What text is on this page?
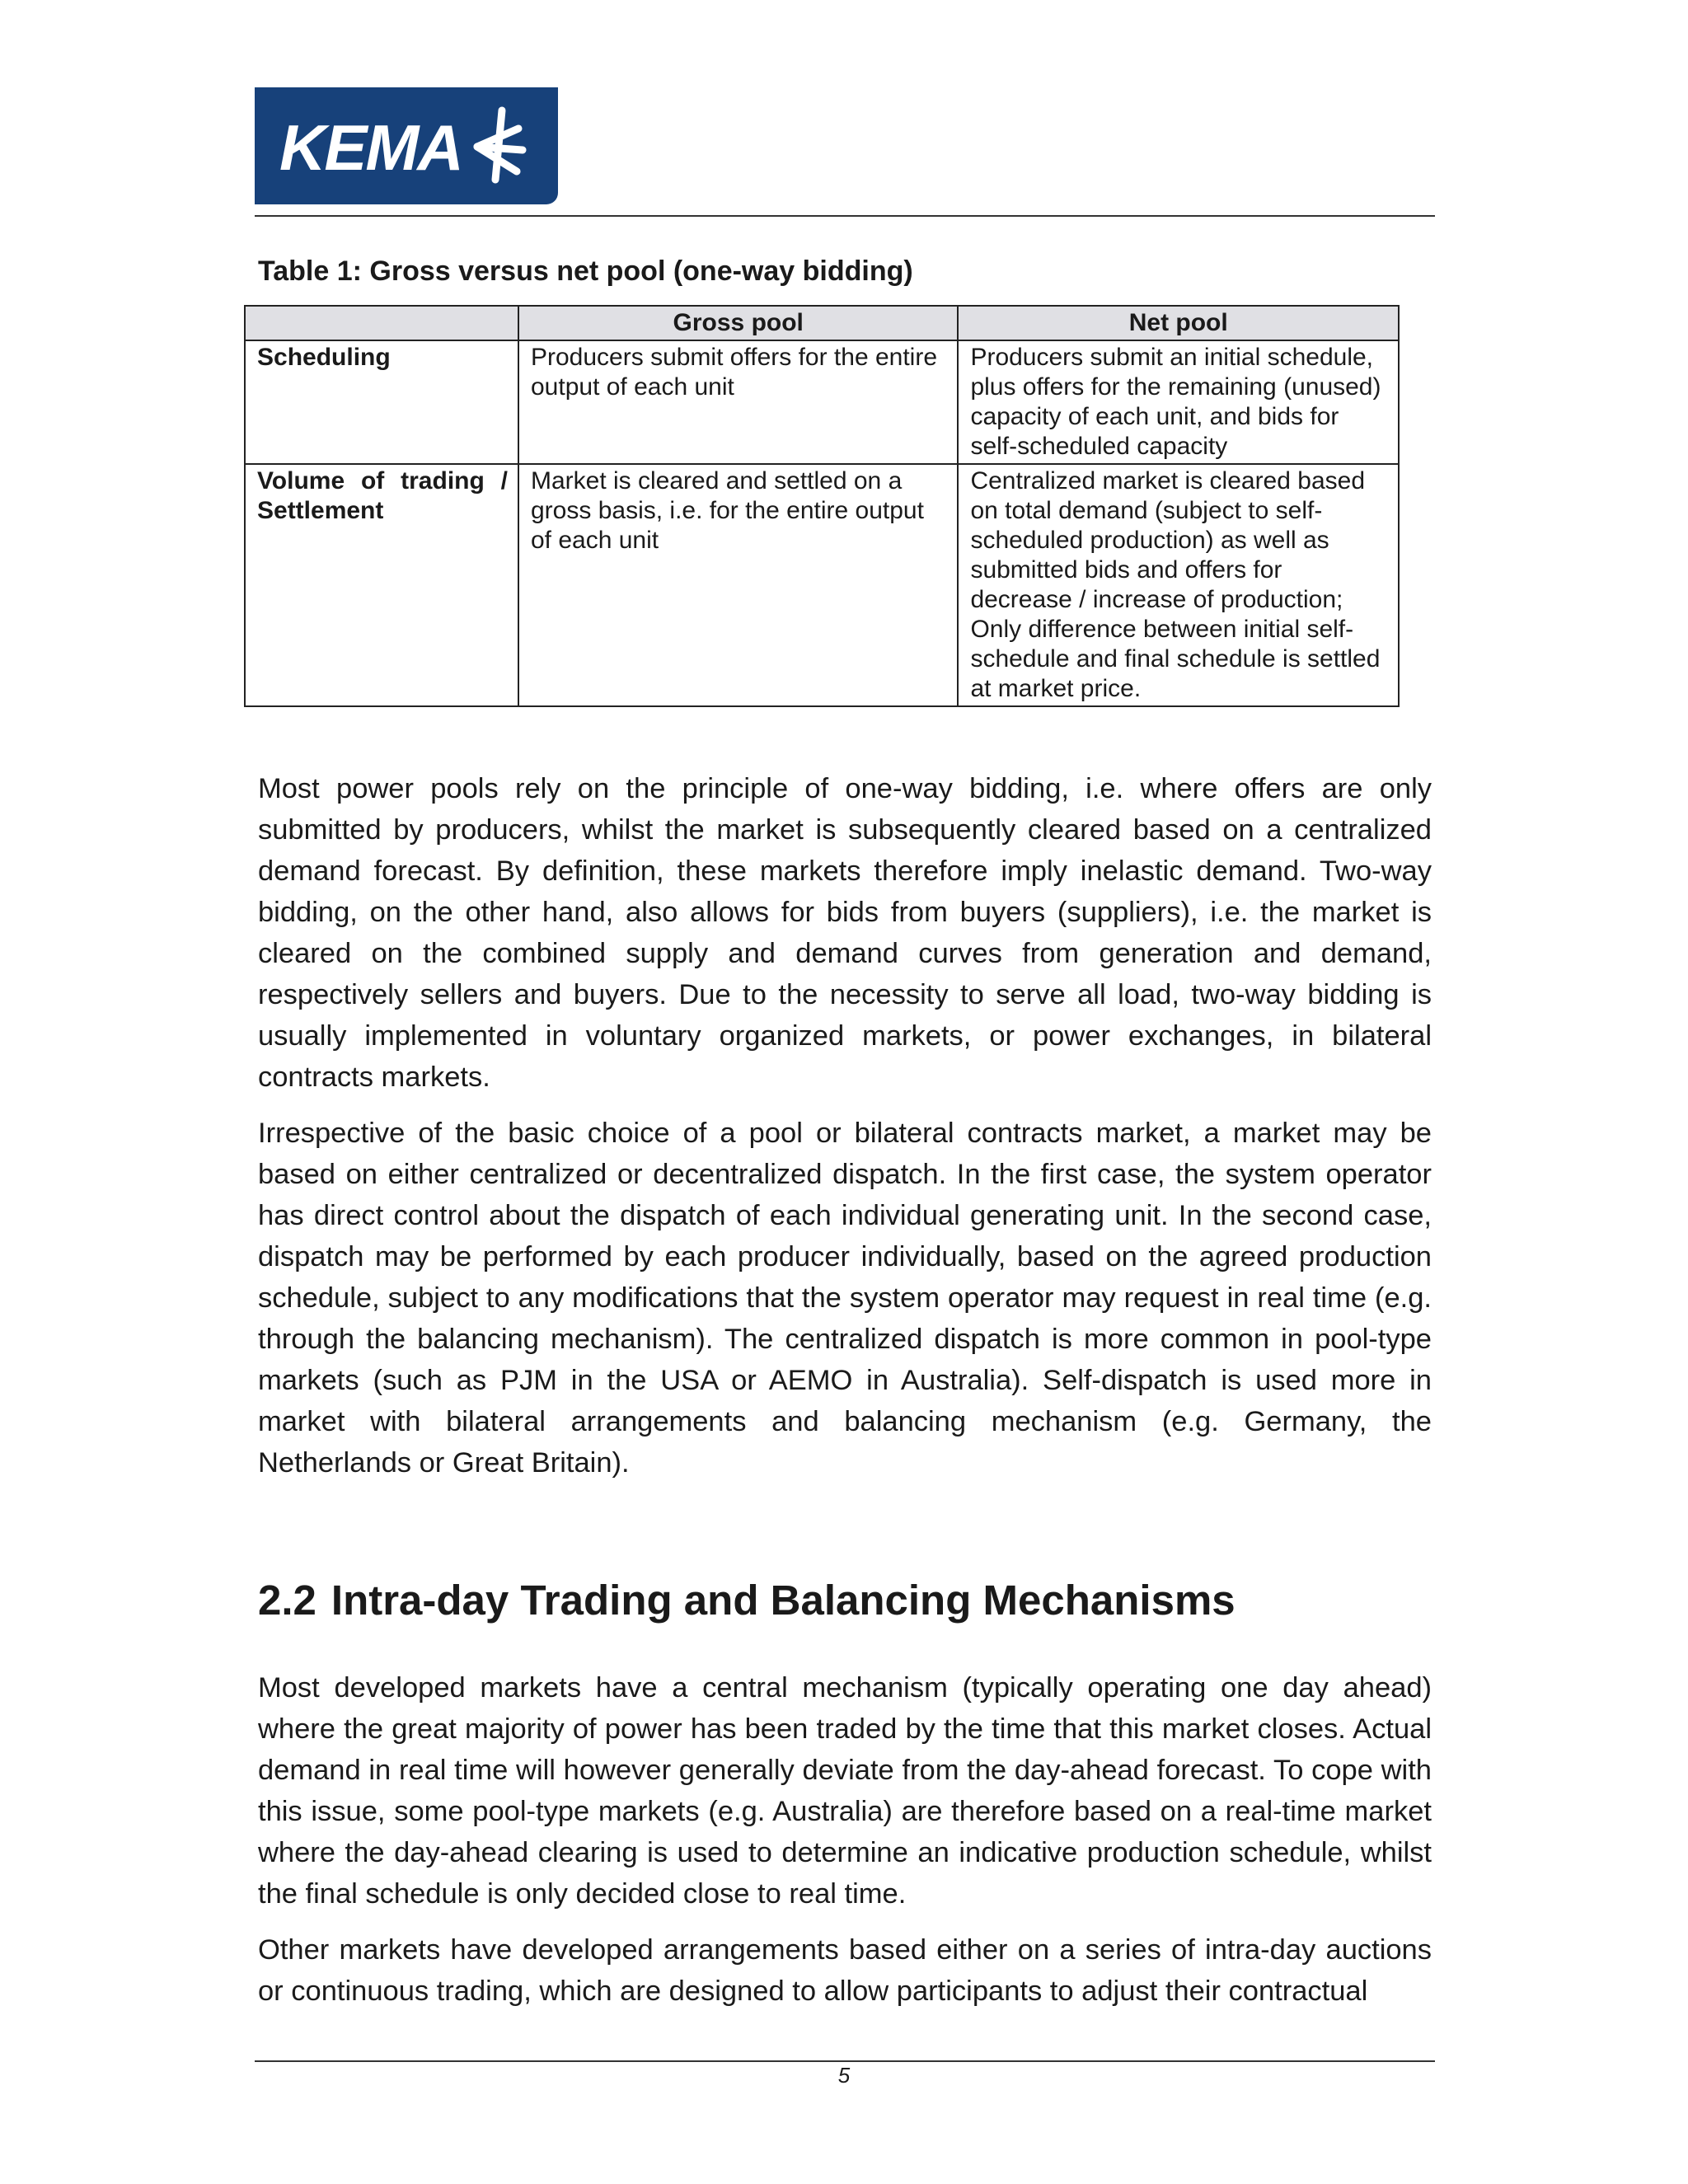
KEMA

Table 1: Gross versus net pool (one-way bidding)

	Gross pool	Net pool
Scheduling	Producers submit offers for the entire output of each unit	Producers submit an initial schedule, plus offers for the remaining (unused) capacity of each unit, and bids for self-scheduled capacity

Volume of trading /
Settlement	Market is cleared and settled on a gross basis, i.e. for the entire output of each unit	Centralized market is cleared based on total demand (subject to self-scheduled production) as well as submitted bids and offers for decrease / increase of production; Only difference between initial self-schedule and final schedule is settled at market price.

Most power pools rely on the principle of one-way bidding, i.e. where offers are only submitted by producers, whilst the market is subsequently cleared based on a centralized demand forecast. By definition, these markets therefore imply inelastic demand. Two-way bidding, on the other hand, also allows for bids from buyers (suppliers), i.e. the market is cleared on the combined supply and demand curves from generation and demand, respectively sellers and buyers. Due to the necessity to serve all load, two-way bidding is usually implemented in voluntary organized markets, or power exchanges, in bilateral contracts markets.

Irrespective of the basic choice of a pool or bilateral contracts market, a market may be based on either centralized or decentralized dispatch. In the first case, the system operator has direct control about the dispatch of each individual generating unit. In the second case, dispatch may be performed by each producer individually, based on the agreed production schedule, subject to any modifications that the system operator may request in real time (e.g. through the balancing mechanism). The centralized dispatch is more common in pool-type markets (such as PJM in the USA or AEMO in Australia). Self-dispatch is used more in market with bilateral arrangements and balancing mechanism (e.g. Germany, the Netherlands or Great Britain).

2.2 Intra-day Trading and Balancing Mechanisms

Most developed markets have a central mechanism (typically operating one day ahead) where the great majority of power has been traded by the time that this market closes. Actual demand in real time will however generally deviate from the day-ahead forecast. To cope with this issue, some pool-type markets (e.g. Australia) are therefore based on a real-time market where the day-ahead clearing is used to determine an indicative production schedule, whilst the final schedule is only decided close to real time.

Other markets have developed arrangements based either on a series of intra-day auctions or continuous trading, which are designed to allow participants to adjust their contractual

5
